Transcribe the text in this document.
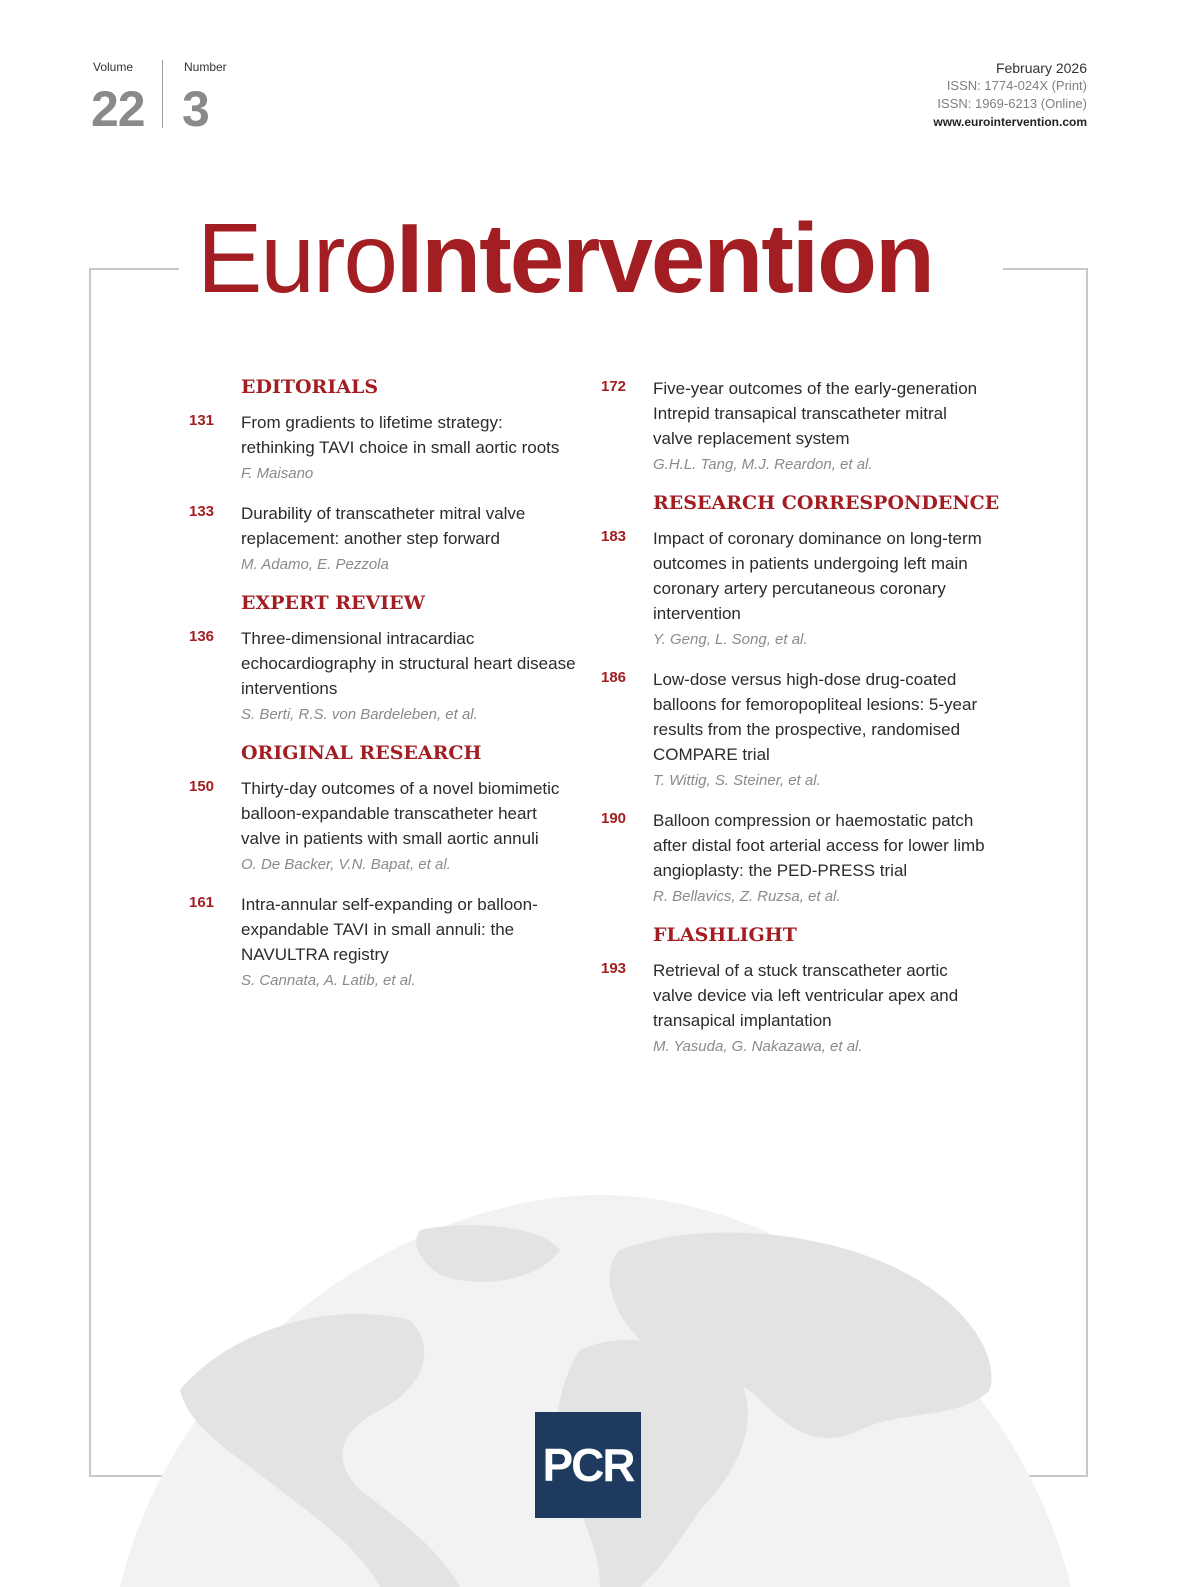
Volume
22
Number
3
February 2026
ISSN: 1774-024X (Print)
ISSN: 1969-6213 (Online)
www.eurointervention.com
EuroIntervention
EDITORIALS
131 From gradients to lifetime strategy: rethinking TAVI choice in small aortic roots
F. Maisano
133 Durability of transcatheter mitral valve replacement: another step forward
M. Adamo, E. Pezzola
EXPERT REVIEW
136 Three-dimensional intracardiac echocardiography in structural heart disease interventions
S. Berti, R.S. von Bardeleben, et al.
ORIGINAL RESEARCH
150 Thirty-day outcomes of a novel biomimetic balloon-expandable transcatheter heart valve in patients with small aortic annuli
O. De Backer, V.N. Bapat, et al.
161 Intra-annular self-expanding or balloon-expandable TAVI in small annuli: the NAVULTRA registry
S. Cannata, A. Latib, et al.
172 Five-year outcomes of the early-generation Intrepid transapical transcatheter mitral valve replacement system
G.H.L. Tang, M.J. Reardon, et al.
RESEARCH CORRESPONDENCE
183 Impact of coronary dominance on long-term outcomes in patients undergoing left main coronary artery percutaneous coronary intervention
Y. Geng, L. Song, et al.
186 Low-dose versus high-dose drug-coated balloons for femoropopliteal lesions: 5-year results from the prospective, randomised COMPARE trial
T. Wittig, S. Steiner, et al.
190 Balloon compression or haemostatic patch after distal foot arterial access for lower limb angioplasty: the PED-PRESS trial
R. Bellavics, Z. Ruzsa, et al.
FLASHLIGHT
193 Retrieval of a stuck transcatheter aortic valve device via left ventricular apex and transapical implantation
M. Yasuda, G. Nakazawa, et al.
PCR
